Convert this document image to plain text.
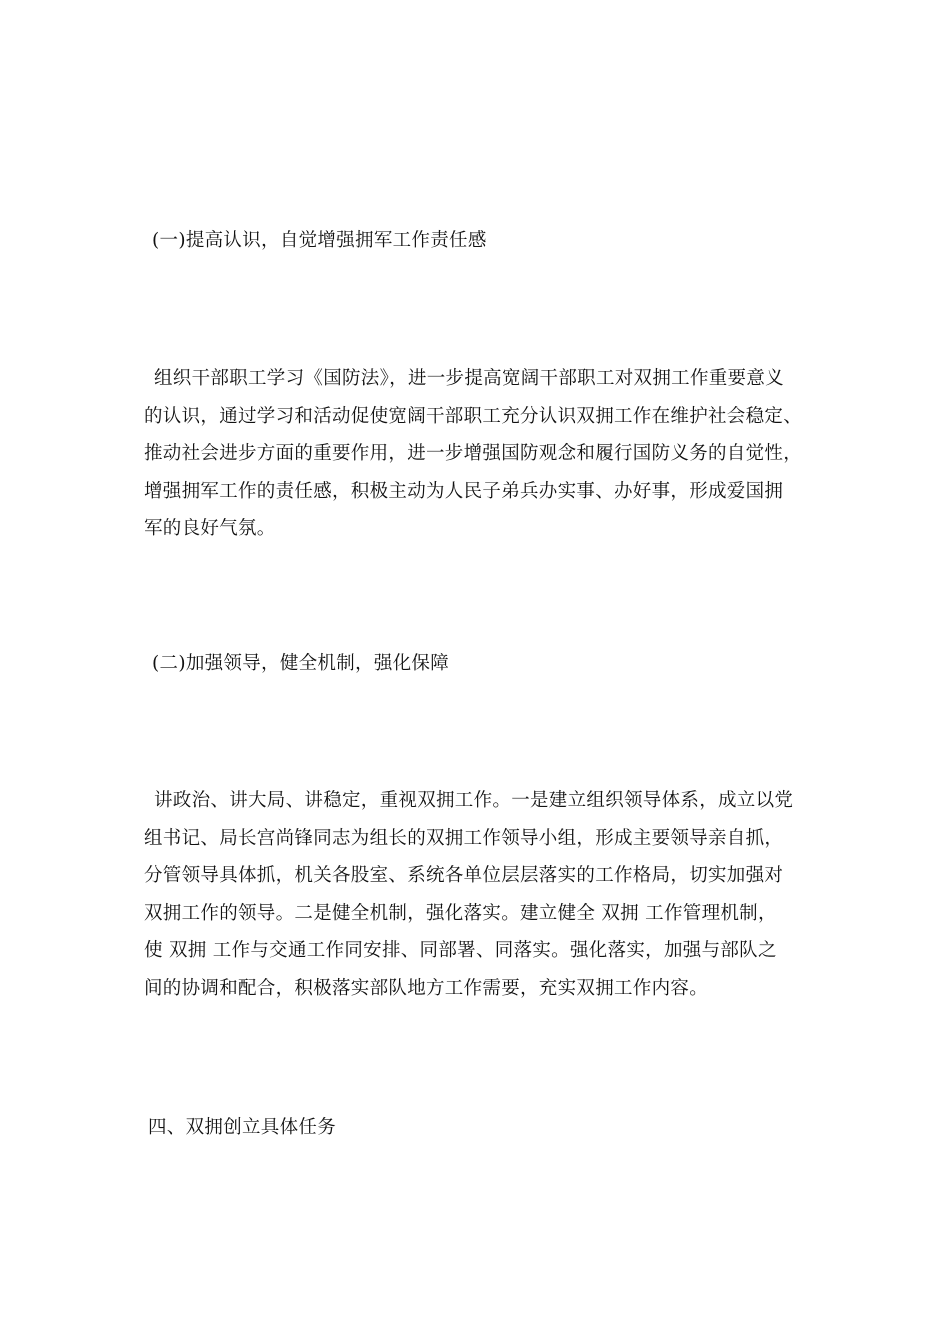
(一)提高认识，自觉增强拥军工作责任感
组织干部职工学习《国防法》，进一步提高宽阔干部职工对双拥工作重要意义
的认识，通过学习和活动促使宽阔干部职工充分认识双拥工作在维护社会稳定、
推动社会进步方面的重要作用，进一步增强国防观念和履行国防义务的自觉性，
增强拥军工作的责任感，积极主动为人民子弟兵办实事、办好事，形成爱国拥
军的良好气氛。
(二)加强领导，健全机制，强化保障
讲政治、讲大局、讲稳定，重视双拥工作。一是建立组织领导体系，成立以党
组书记、局长宫尚锋同志为组长的双拥工作领导小组，形成主要领导亲自抓，
分管领导具体抓，机关各股室、系统各单位层层落实的工作格局，切实加强对
双拥工作的领导。二是健全机制，强化落实。建立健全 双拥 工作管理机制，
使 双拥 工作与交通工作同安排、同部署、同落实。强化落实，加强与部队之
间的协调和配合，积极落实部队地方工作需要，充实双拥工作内容。
四、双拥创立具体任务
